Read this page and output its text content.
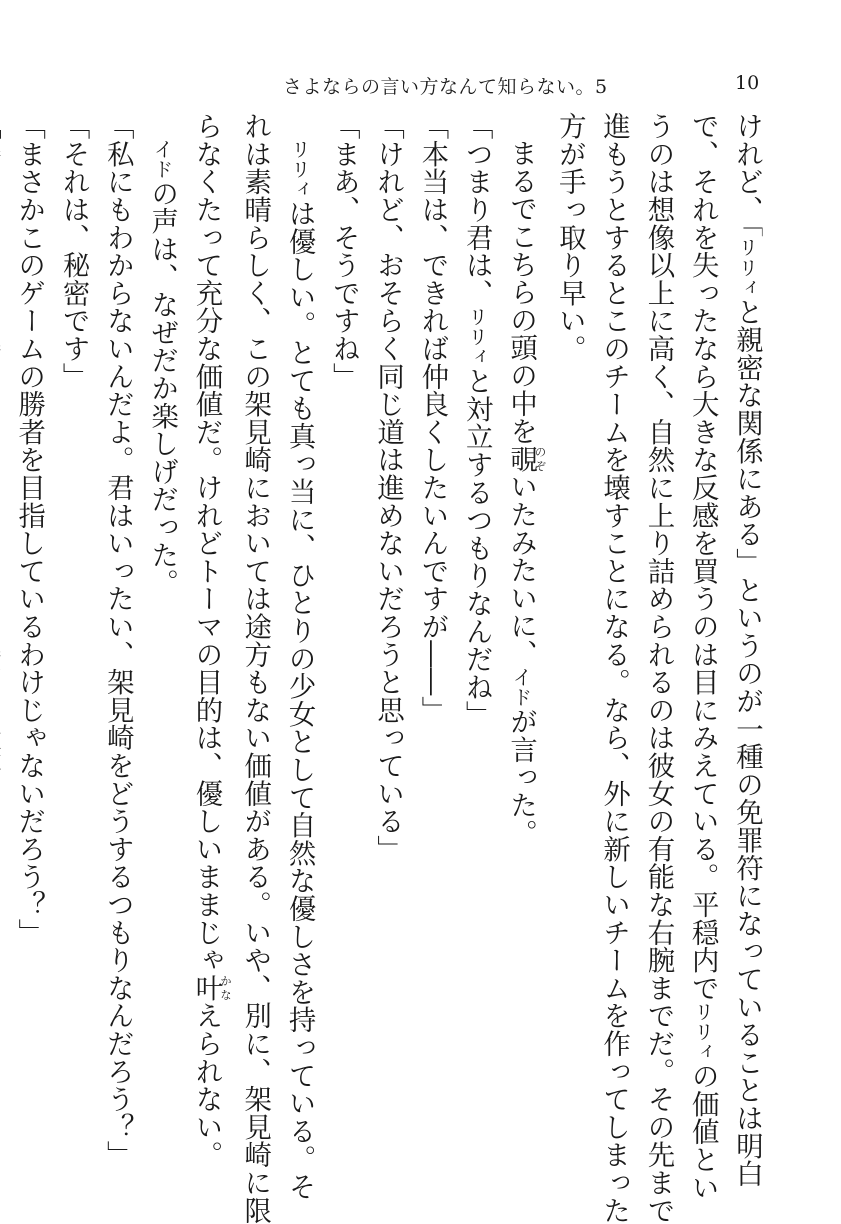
さよならの言い方なんて知らない。5	10

けれど、「リリィと親密な関係にある」というのが一種の免罪符になっていることは明白

で、それを失ったなら大きな反感を買うのは目にみえている。平穏内でリリィの価値とい

うのは想像以上に高く、自然に上り詰められるのは彼女の有能な右腕までだ。その先まで

進もうとするとこのチームを壊すことになる。なら、外に新しいチームを作ってしまった

方が手っ取り早い。

まるでこちらの頭の中を覗のぞいたみたいに、イドが言った。

「つまり君は、リリィと対立するつもりなんだね」

「本当は、できれば仲良くしたいんですが――」

「けれど、おそらく同じ道は進めないだろうと思っている」

「まあ、そうですね」

リリィは優しい。とても真っ当に、ひとりの少女として自然な優しさを持っている。そ

れは素晴らしく、この架見崎においては途方もない価値がある。いや、別に、架見崎に限

らなくたって充分な価値だ。けれどトーマの目的は、優しいままじゃ叶かなえられない。

イドの声は、なぜだか楽しげだった。

「私にもわからないんだよ。君はいったい、架見崎をどうするつもりなんだろう？」

「それは、秘密です」

「まさかこのゲームの勝者を目指しているわけじゃないだろう？」
